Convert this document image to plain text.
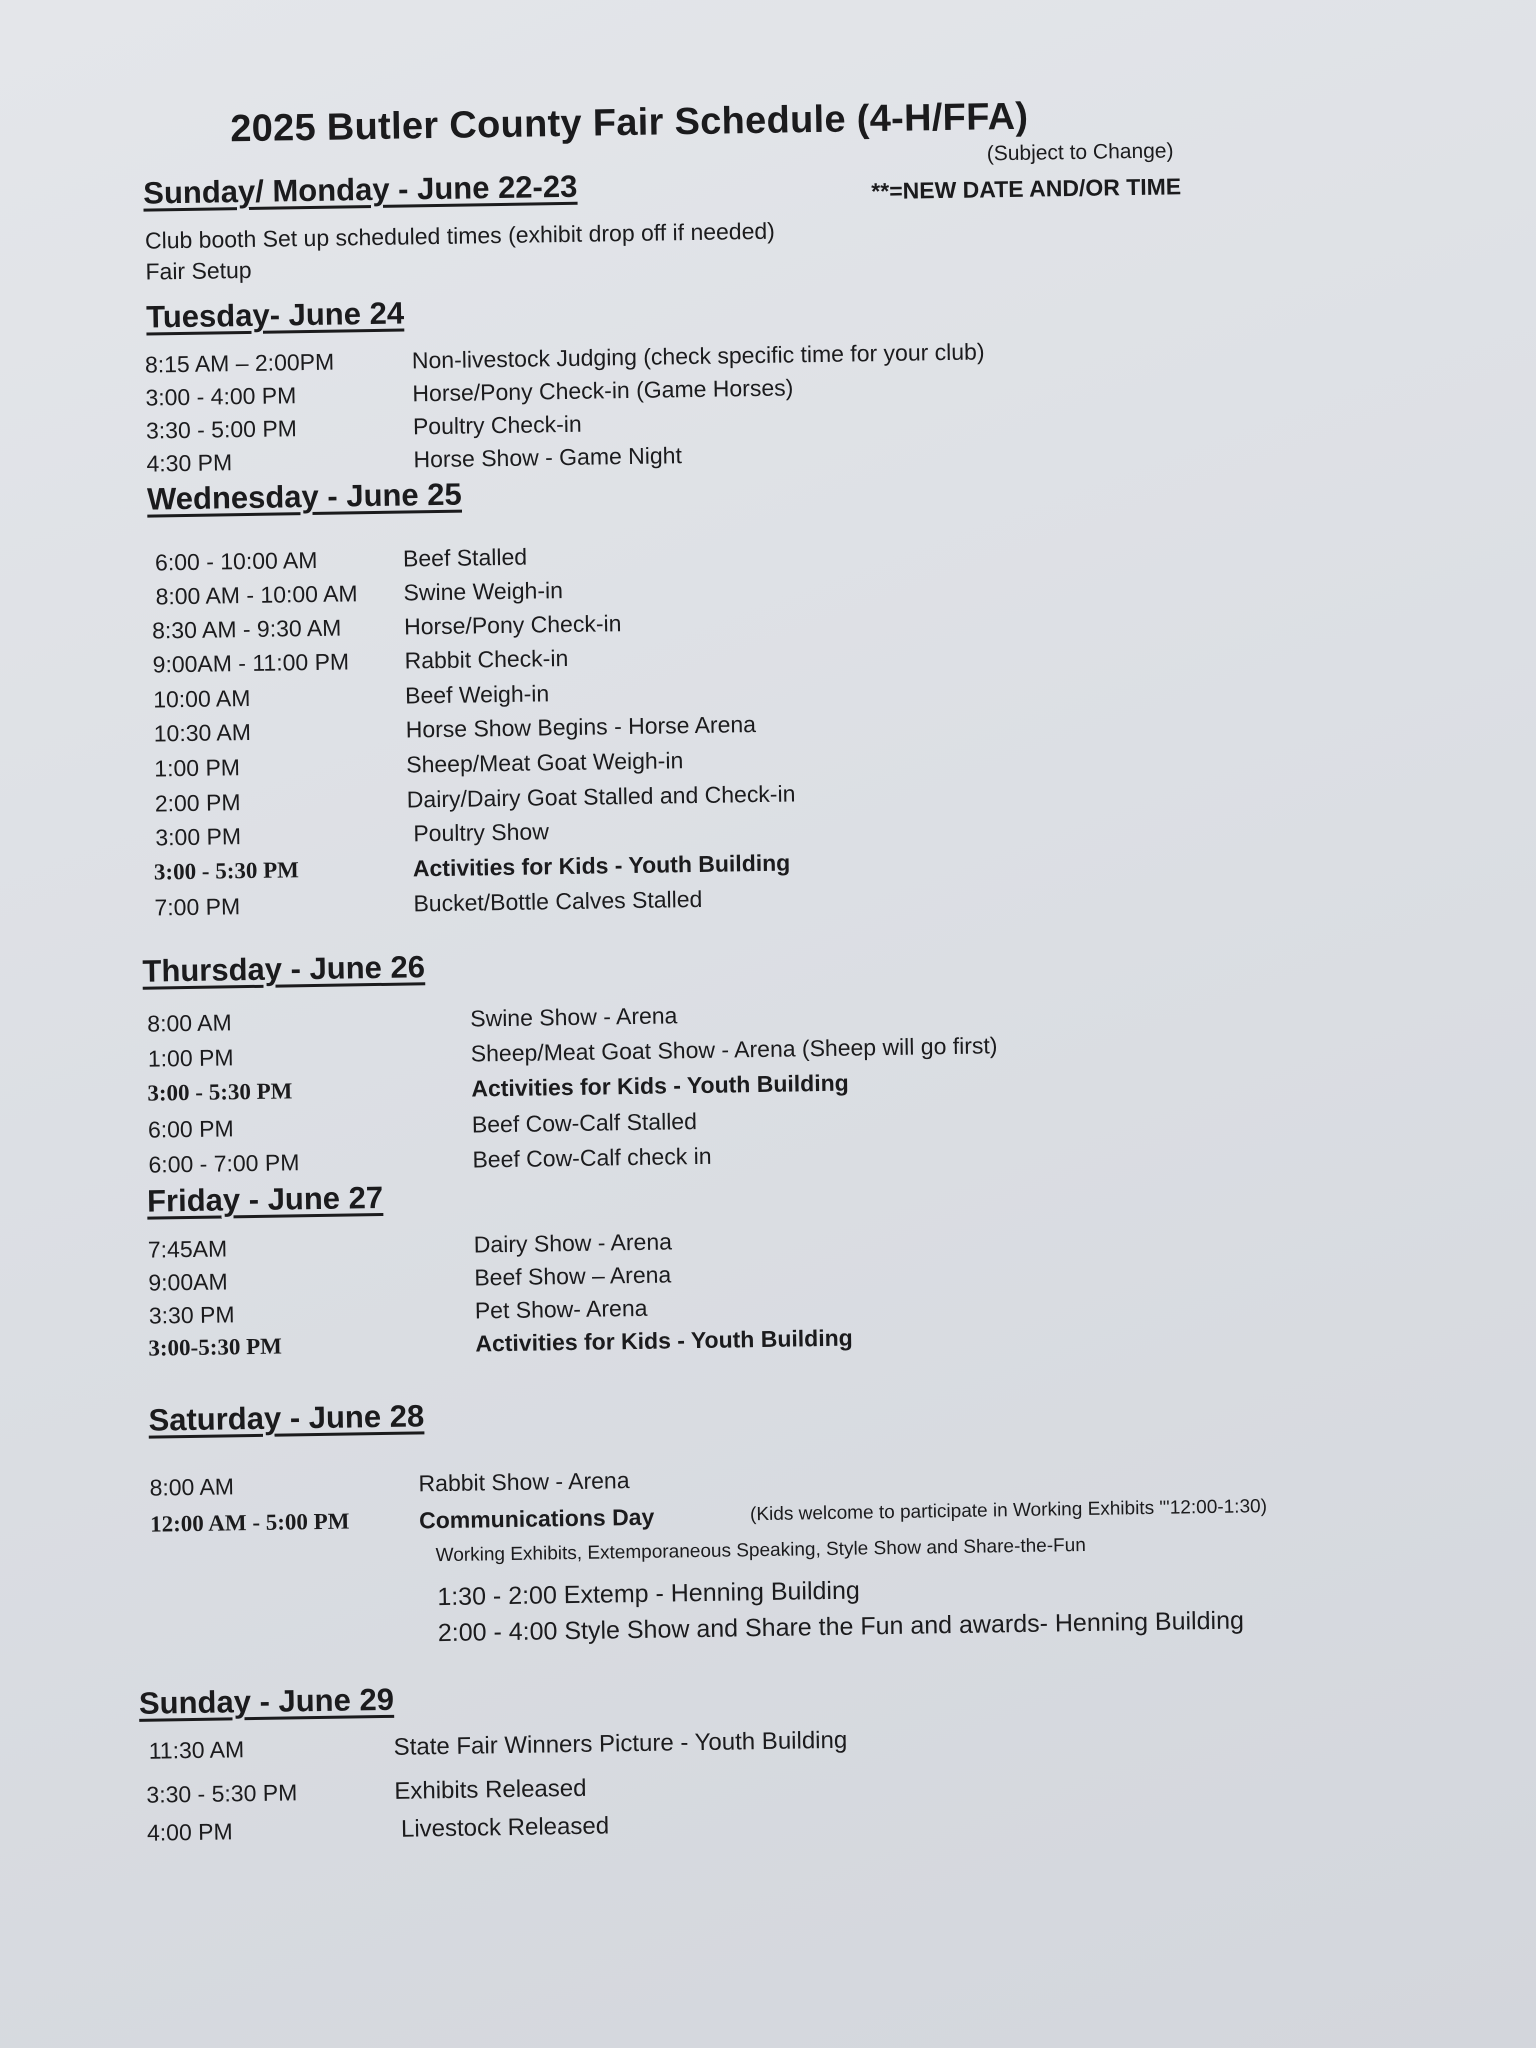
2025 Butler County Fair Schedule (4-H/FFA)
(Subject to Change)
**=NEW DATE AND/OR TIME
Sunday/ Monday - June 22-23
Club booth Set up scheduled times (exhibit drop off if needed)
Fair Setup
Tuesday- June 24
8:15 AM – 2:00PM	Non-livestock Judging (check specific time for your club)
3:00 - 4:00 PM	Horse/Pony Check-in (Game Horses)
3:30 - 5:00 PM	Poultry Check-in
4:30 PM	Horse Show - Game Night
Wednesday - June 25
6:00 - 10:00 AM	Beef Stalled
8:00 AM - 10:00 AM Swine Weigh-in
8:30 AM - 9:30 AM	Horse/Pony Check-in
9:00AM - 11:00 PM Rabbit Check-in
10:00 AM	Beef Weigh-in
10:30 AM	Horse Show Begins - Horse Arena
1:00 PM	Sheep/Meat Goat Weigh-in
2:00 PM	Dairy/Dairy Goat Stalled and Check-in
3:00 PM	Poultry Show
3:00 - 5:30 PM	Activities for Kids - Youth Building
7:00 PM	Bucket/Bottle Calves Stalled
Thursday - June 26
8:00 AM	Swine Show - Arena
1:00 PM	Sheep/Meat Goat Show - Arena (Sheep will go first)
3:00 - 5:30 PM	Activities for Kids - Youth Building
6:00 PM	Beef Cow-Calf Stalled
6:00 - 7:00 PM	Beef Cow-Calf check in
Friday - June 27
7:45AM	Dairy Show - Arena
9:00AM	Beef Show – Arena
3:30 PM	Pet Show- Arena
3:00-5:30 PM	Activities for Kids - Youth Building
Saturday - June 28
8:00 AM	Rabbit Show - Arena
12:00 AM - 5:00 PM	Communications Day	(Kids welcome to participate in Working Exhibits "'12:00-1:30)
Working Exhibits, Extemporaneous Speaking, Style Show and Share-the-Fun
1:30 - 2:00 Extemp - Henning Building
2:00 - 4:00 Style Show and Share the Fun and awards- Henning Building
Sunday - June 29
11:30 AM	State Fair Winners Picture - Youth Building
3:30 - 5:30 PM	Exhibits Released
4:00 PM	Livestock Released
